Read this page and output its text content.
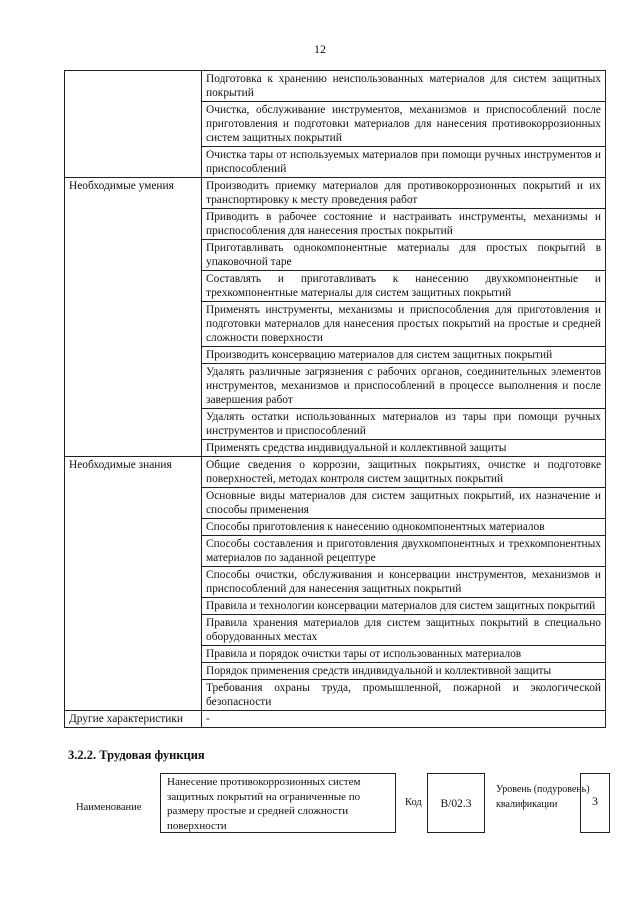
12
	Подготовка к хранению неиспользованных материалов для систем защитных покрытий
	Очистка, обслуживание инструментов, механизмов и приспособлений после приготовления и подготовки материалов для нанесения противокоррозионных систем защитных покрытий
	Очистка тары от используемых материалов при помощи ручных инструментов и приспособлений
Необходимые умения	Производить приемку материалов для противокоррозионных покрытий и их транспортировку к месту проведения работ
	Приводить в рабочее состояние и настраивать инструменты, механизмы и приспособления для нанесения простых покрытий
	Приготавливать однокомпонентные материалы для простых покрытий в упаковочной таре
	Составлять и приготавливать к нанесению двухкомпонентные и трехкомпонентные материалы для систем защитных покрытий
	Применять инструменты, механизмы и приспособления для приготовления и подготовки материалов для нанесения простых покрытий на простые и средней сложности поверхности
	Производить консервацию материалов для систем защитных покрытий
	Удалять различные загрязнения с рабочих органов, соединительных элементов инструментов, механизмов и приспособлений в процессе выполнения и после завершения работ
	Удалять остатки использованных материалов из тары при помощи ручных инструментов и приспособлений
	Применять средства индивидуальной и коллективной защиты
Необходимые знания	Общие сведения о коррозии, защитных покрытиях, очистке и подготовке поверхностей, методах контроля систем защитных покрытий
	Основные виды материалов для систем защитных покрытий, их назначение и способы применения
	Способы приготовления к нанесению однокомпонентных материалов
	Способы составления и приготовления двухкомпонентных и трехкомпонентных материалов по заданной рецептуре
	Способы очистки, обслуживания и консервации инструментов, механизмов и приспособлений для нанесения защитных покрытий
	Правила и технологии консервации материалов для систем защитных покрытий
	Правила хранения материалов для систем защитных покрытий в специально оборудованных местах
	Правила и порядок очистки тары от использованных материалов
	Порядок применения средств индивидуальной и коллективной защиты
	Требования охраны труда, промышленной, пожарной и экологической безопасности
Другие характеристики	-
3.2.2. Трудовая функция
Наименование
Нанесение противокоррозионных систем защитных покрытий на ограниченные по размеру простые и средней сложности поверхности
Код	B/02.3
Уровень (подуровень) квалификации	3
